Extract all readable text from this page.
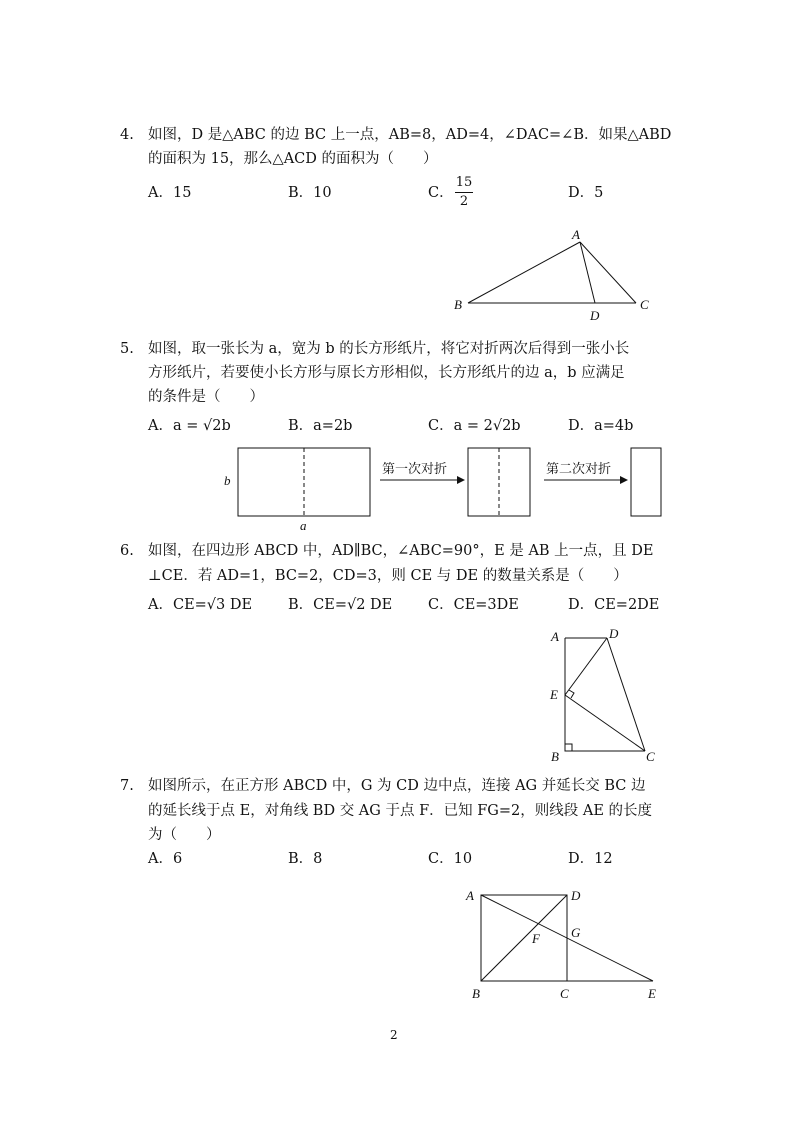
4. 如图，D 是△ABC 的边 BC 上一点，AB=8，AD=4，∠DAC=∠B．如果△ABD
的面积为 15，那么△ACD 的面积为（　　）
A．15	B．10	C．
15
2
D．5
A
B	C
D
5. 如图，取一张长为 a，宽为 b 的长方形纸片，将它对折两次后得到一张小长
方形纸片，若要使小长方形与原长方形相似，长方形纸片的边 a，b 应满足
的条件是（　　）
A．a = √2b	B．a=2b	C．a = 2√2b	D．a=4b
b
a
第一次对折	第二次对折
6. 如图，在四边形 ABCD 中，AD∥BC，∠ABC=90°，E 是 AB 上一点，且 DE
⊥CE．若 AD=1，BC=2，CD=3，则 CE 与 DE 的数量关系是（　　）
A．CE=√3 DE B．CE=√2 DE C．CE=3DE	D．CE=2DE
A	D
E
B	C
7. 如图所示，在正方形 ABCD 中，G 为 CD 边中点，连接 AG 并延长交 BC 边
的延长线于点 E，对角线 BD 交 AG 于点 F．已知 FG=2，则线段 AE 的长度
为（　　）
A．6	B．8	C．10	D．12
A	D
G
F
B	C	E
2
